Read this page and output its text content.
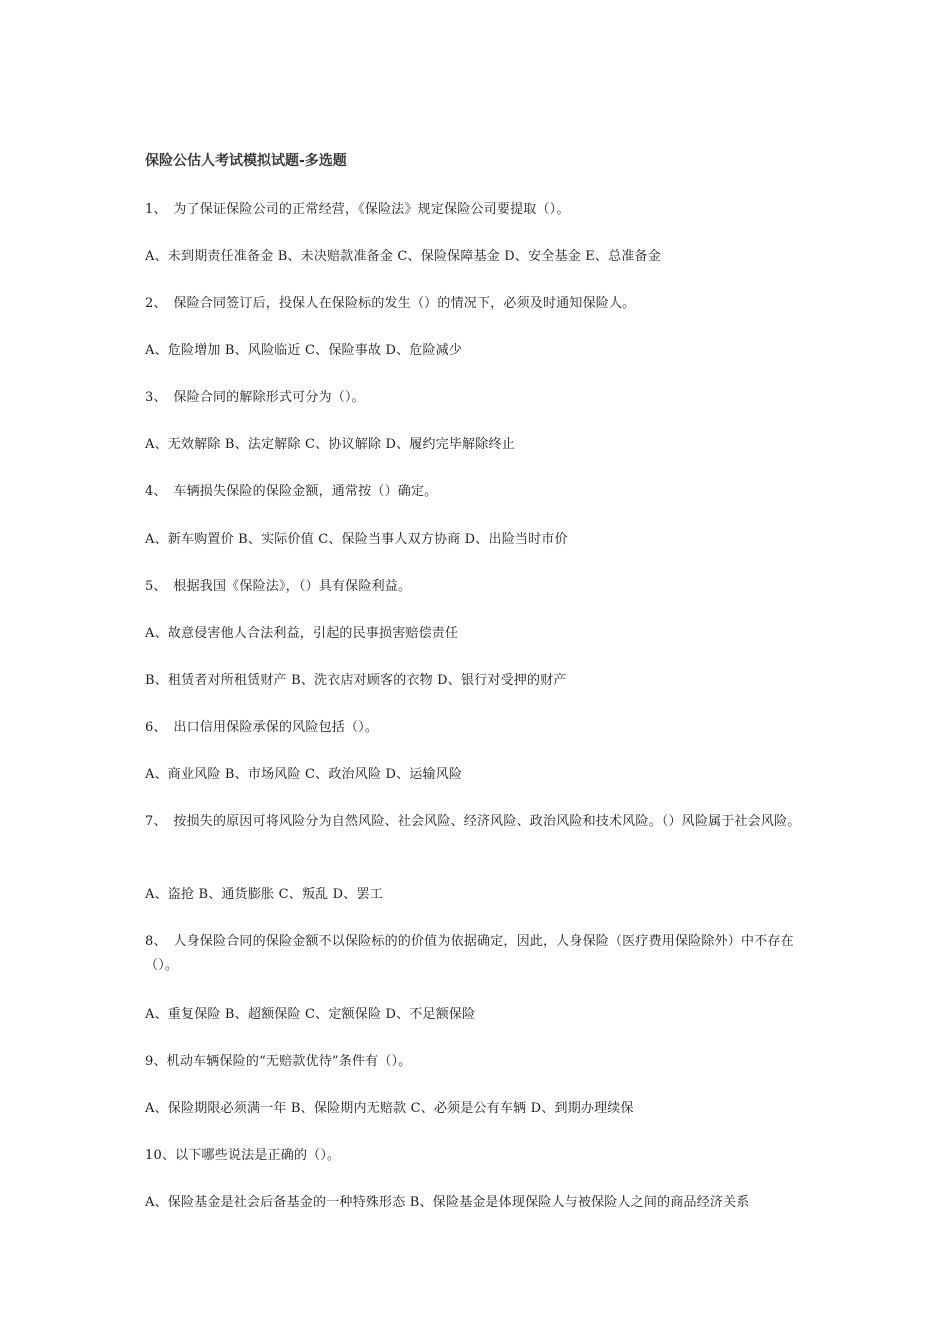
保险公估人考试模拟试题-多选题
1、　为了保证保险公司的正常经营，《保险法》规定保险公司要提取（）。
A、未到期责任准备金 B、未决赔款准备金 C、保险保障基金 D、安全基金 E、总准备金
2、　保险合同签订后，投保人在保险标的发生（）的情况下，必须及时通知保险人。
A、危险增加 B、风险临近 C、保险事故 D、危险减少
3、　保险合同的解除形式可分为（）。
A、无效解除 B、法定解除 C、协议解除 D、履约完毕解除终止
4、　车辆损失保险的保险金额，通常按（）确定。
A、新车购置价 B、实际价值 C、保险当事人双方协商 D、出险当时市价
5、　根据我国《保险法》，（）具有保险利益。
A、故意侵害他人合法利益，引起的民事损害赔偿责任
B、租赁者对所租赁财产 B、洗衣店对顾客的衣物 D、银行对受押的财产
6、　出口信用保险承保的风险包括（）。
A、商业风险 B、市场风险 C、政治风险 D、运输风险
7、　按损失的原因可将风险分为自然风险、社会风险、经济风险、政治风险和技术风险。（）风险属于社会风险。
A、盗抢 B、通货膨胀 C、叛乱 D、罢工
8、　人身保险合同的保险金额不以保险标的的价值为依据确定，因此，人身保险（医疗费用保险除外）中不存在（）。
A、重复保险 B、超额保险 C、定额保险 D、不足额保险
9、机动车辆保险的“无赔款优待”条件有（）。
A、保险期限必须满一年 B、保险期内无赔款 C、必须是公有车辆 D、到期办理续保
10、以下哪些说法是正确的（）。
A、保险基金是社会后备基金的一种特殊形态 B、保险基金是体现保险人与被保险人之间的商品经济关系
